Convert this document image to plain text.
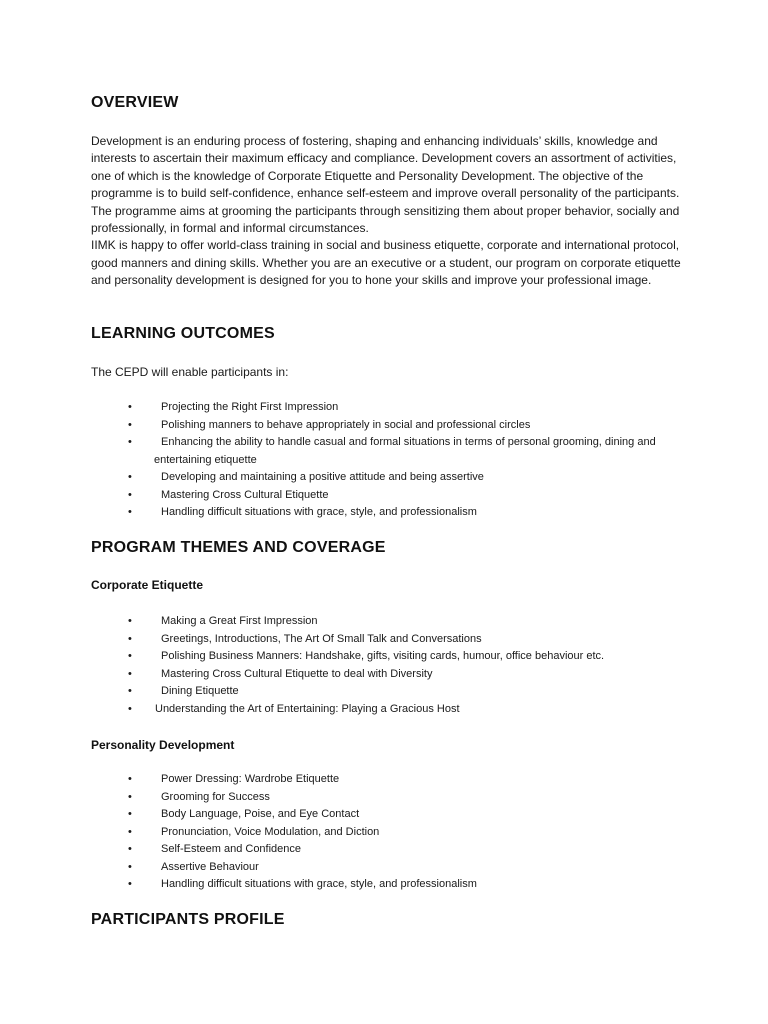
OVERVIEW

Development is an enduring process of fostering, shaping and enhancing individuals’ skills, knowledge and interests to ascertain their maximum efficacy and compliance. Development covers an assortment of activities, one of which is the knowledge of Corporate Etiquette and Personality Development. The objective of the programme is to build self-confidence, enhance self-esteem and improve overall personality of the participants. The programme aims at grooming the participants through sensitizing them about proper behavior, socially and professionally, in formal and informal circumstances.

IIMK is happy to offer world-class training in social and business etiquette, corporate and international protocol, good manners and dining skills. Whether you are an executive or a student, our program on corporate etiquette and personality development is designed for you to hone your skills and improve your professional image.

LEARNING OUTCOMES

The CEPD will enable participants in:

•	Projecting the Right First Impression
•	Polishing manners to behave appropriately in social and professional circles
•	Enhancing the ability to handle casual and formal situations in terms of personal grooming, dining and
entertaining etiquette
•	Developing and maintaining a positive attitude and being assertive
•	Mastering Cross Cultural Etiquette
•	Handling difficult situations with grace, style, and professionalism
PROGRAM THEMES AND COVERAGE
Corporate Etiquette
•	Making a Great First Impression
•	Greetings, Introductions, The Art Of Small Talk and Conversations
•	Polishing Business Manners: Handshake, gifts, visiting cards, humour, office behaviour etc.
•	Mastering Cross Cultural Etiquette to deal with Diversity
•	Dining Etiquette
• Understanding the Art of Entertaining: Playing a Gracious Host
Personality Development
•	Power Dressing: Wardrobe Etiquette
•	Grooming for Success
•	Body Language, Poise, and Eye Contact
•	Pronunciation, Voice Modulation, and Diction
•	Self-Esteem and Confidence
•	Assertive Behaviour
•	Handling difficult situations with grace, style, and professionalism
PARTICIPANTS PROFILE
